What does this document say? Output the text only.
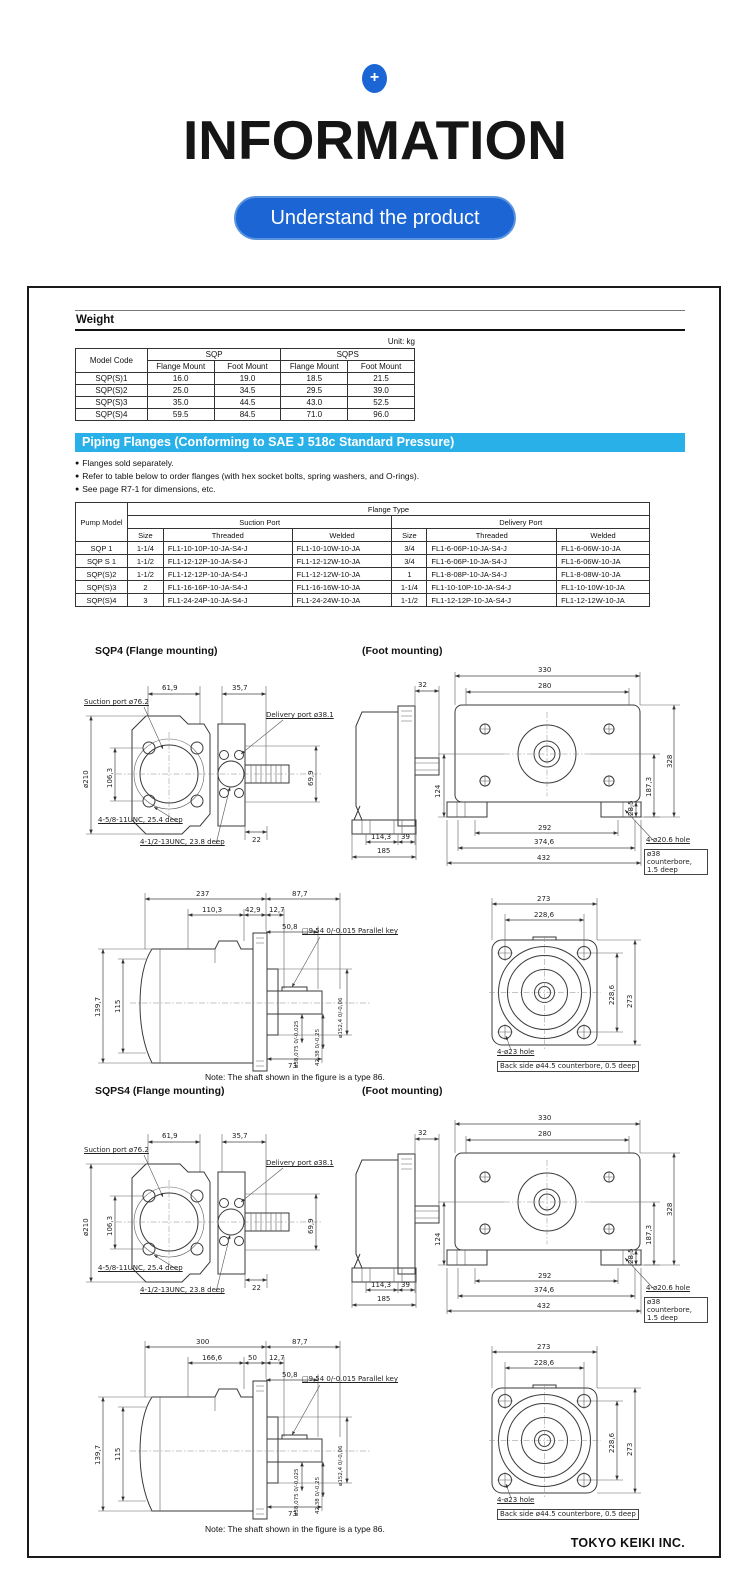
+
INFORMATION
Understand the product
Weight
Unit: kg
Model Code	SQP		SQPS	
	Flange Mount	Foot Mount	Flange Mount	Foot Mount
SQP(S)1	16.0	19.0	18.5	21.5
SQP(S)2	25.0	34.5	29.5	39.0
SQP(S)3	35.0	44.5	43.0	52.5
SQP(S)4	59.5	84.5	71.0	96.0
Piping Flanges (Conforming to SAE J 518c Standard Pressure)
● Flanges sold separately.
● Refer to table below to order flanges (with hex socket bolts, spring washers, and O-rings).
● See page R7-1 for dimensions, etc.
Pump Model	Flange Type					
	Suction Port			Delivery Port		
	Size	Threaded	Welded	Size	Threaded	Welded
SQP 1	1-1/4	FL1-10-10P-10-JA-S4-J	FL1-10-10W-10-JA	3/4	FL1-6-06P-10-JA-S4-J	FL1-6-06W-10-JA
SQP S 1	1-1/2	FL1-12-12P-10-JA-S4-J	FL1-12-12W-10-JA	3/4	FL1-6-06P-10-JA-S4-J	FL1-6-06W-10-JA
SQP(S)2	1-1/2	FL1-12-12P-10-JA-S4-J	FL1-12-12W-10-JA	1	FL1-8-08P-10-JA-S4-J	FL1-8-08W-10-JA
SQP(S)3	2	FL1-16-16P-10-JA-S4-J	FL1-16-16W-10-JA	1-1/4	FL1-10-10P-10-JA-S4-J	FL1-10-10W-10-JA
SQP(S)4	3	FL1-24-24P-10-JA-S4-J	FL1-24-24W-10-JA	1-1/2	FL1-12-12P-10-JA-S4-J	FL1-12-12W-10-JA
SQP4 (Flange mounting)	(Foot mounting)
SQPS4 (Flange mounting)	(Foot mounting)
61,9	35,7
Suction port ø76.2
Delivery port ø38.1
ø210 106,3	69,9
4-5/8-11UNC, 25.4 deep
4-1/2-13UNC, 23.8 deep	22
32
330
280
328
187,3
28,5
124
114,3 39
185
292
374,6
432
4-ø20.6 hole
ø38 counterbore, 1.5 deep
237	87,7
110,3	42,9 12,7
50,8 □9.54 0/-0.015 Parallel key
139,7 115
73
ø38,075 0/-0,025	42,38 0/-0,25
ø152,4 0/-0,06
273
228,6
228,6 273
4-ø23 hole
Back side ø44.5 counterbore, 0.5 deep
Note: The shaft shown in the figure is a type 86.
61,9	35,7
Suction port ø76.2
Delivery port ø38.1
ø210 106,3	69,9
4-5/8-11UNC, 25.4 deep
4-1/2-13UNC, 23.8 deep	22
32
330
280
328
187,3
28,5
124
114,3 39
185
292
374,6
432
4-ø20.6 hole
ø38 counterbore, 1.5 deep
300	87,7
166,6	50 12,7
50,8 □9.54 0/-0.015 Parallel key
139,7 115
73
ø38,075 0/-0,025	42,38 0/-0,25
ø152,4 0/-0,06
273
228,6
228,6 273
4-ø23 hole
Back side ø44.5 counterbore, 0.5 deep
Note: The shaft shown in the figure is a type 86.
TOKYO KEIKI INC.
